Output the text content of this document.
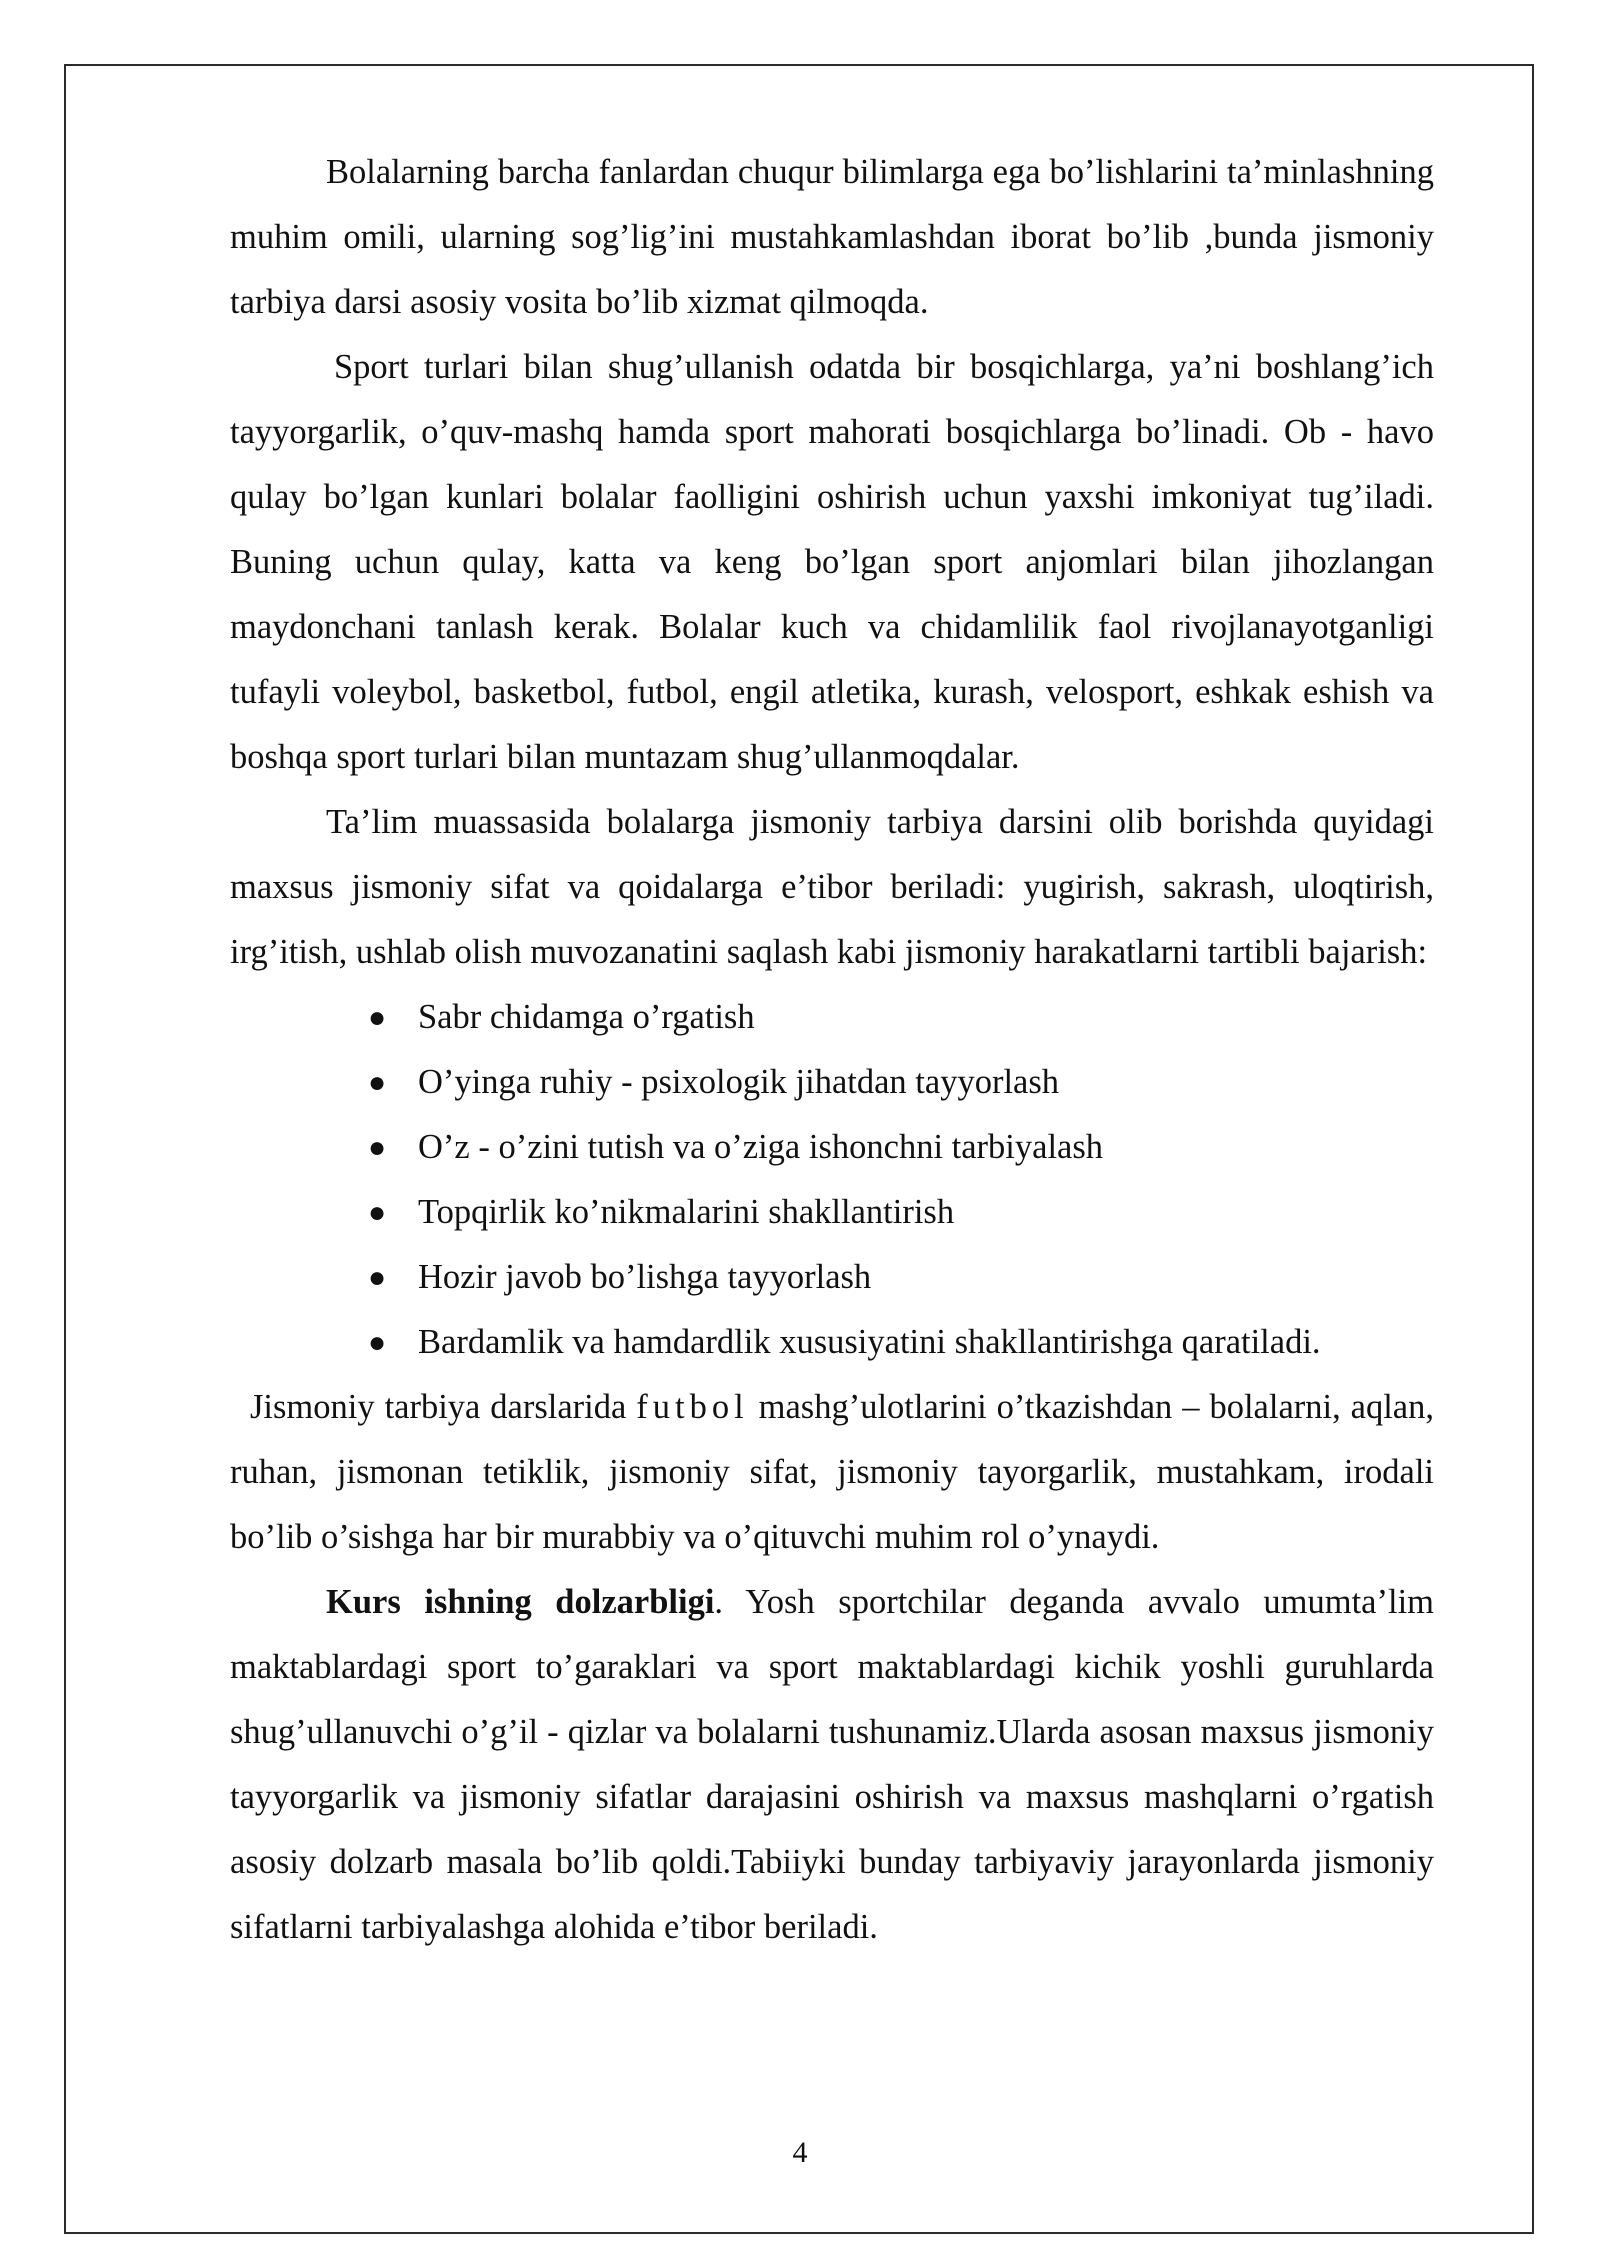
Bolalarning barcha fanlardan chuqur bilimlarga ega bo’lishlarini ta’minlashning muhim omili, ularning sog’lig’ini mustahkamlashdan iborat bo’lib ,bunda jismoniy tarbiya darsi asosiy vosita bo’lib xizmat qilmoqda.

Sport turlari bilan shug’ullanish odatda bir bosqichlarga, ya’ni boshlang’ich tayyorgarlik, o’quv-mashq hamda sport mahorati bosqichlarga bo’linadi. Ob - havo qulay bo’lgan kunlari bolalar faolligini oshirish uchun yaxshi imkoniyat tug’iladi. Buning uchun qulay, katta va keng bo’lgan sport anjomlari bilan jihozlangan maydonchani tanlash kerak. Bolalar kuch va chidamlilik faol rivojlanayotganligi tufayli voleybol, basketbol, futbol, engil atletika, kurash, velosport, eshkak eshish va boshqa sport turlari bilan muntazam shug’ullanmoqdalar.

Ta’lim muassasida bolalarga jismoniy tarbiya darsini olib borishda quyidagi maxsus jismoniy sifat va qoidalarga e’tibor beriladi: yugirish, sakrash, uloqtirish, irg’itish, ushlab olish muvozanatini saqlash kabi jismoniy harakatlarni tartibli bajarish:

● Sabr chidamga o’rgatish
● O’yinga ruhiy - psixologik jihatdan tayyorlash
● O’z - o’zini tutish va o’ziga ishonchni tarbiyalash
● Topqirlik ko’nikmalarini shakllantirish
● Hozir javob bo’lishga tayyorlash
● Bardamlik va hamdardlik xususiyatini shakllantirishga qaratiladi.

Jismoniy tarbiya darslarida futbol mashg’ulotlarini o’tkazishdan – bolalarni, aqlan, ruhan, jismonan tetiklik, jismoniy sifat, jismoniy tayorgarlik, mustahkam, irodali bo’lib o’sishga har bir murabbiy va o’qituvchi muhim rol o’ynaydi.

Kurs ishning dolzarbligi. Yosh sportchilar deganda avvalo umumta’lim maktablardagi sport to’garaklari va sport maktablardagi kichik yoshli guruhlarda shug’ullanuvchi o’g’il - qizlar va bolalarni tushunamiz.Ularda asosan maxsus jismoniy tayyorgarlik va jismoniy sifatlar darajasini oshirish va maxsus mashqlarni o’rgatish asosiy dolzarb masala bo’lib qoldi.Tabiiyki bunday tarbiyaviy jarayonlarda jismoniy sifatlarni tarbiyalashga alohida e’tibor beriladi.

4
